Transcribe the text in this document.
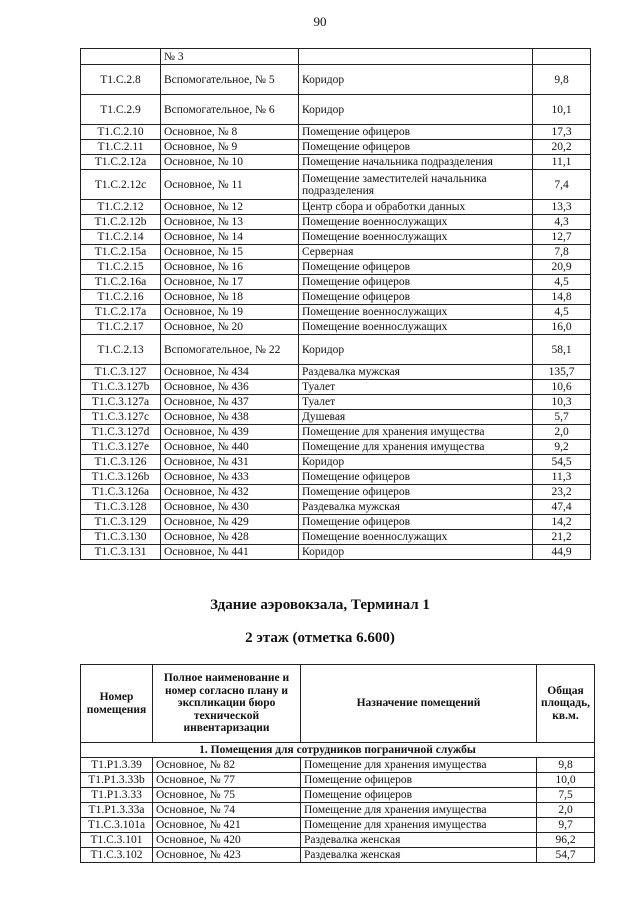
90
	№ 3		
Т1.С.2.8	Вспомогательное, № 5	Коридор	9,8
Т1.С.2.9	Вспомогательное, № 6	Коридор	10,1
Т1.С.2.10	Основное, № 8	Помещение офицеров	17,3
Т1.С.2.11	Основное, № 9	Помещение офицеров	20,2
Т1.С.2.12а	Основное, № 10	Помещение начальника подразделения	11,1
Т1.С.2.12с	Основное, № 11	Помещение заместителей начальника подразделения	7,4
Т1.С.2.12	Основное, № 12	Центр сбора и обработки данных	13,3
Т1.С.2.12b	Основное, № 13	Помещение военнослужащих	4,3
Т1.С.2.14	Основное, № 14	Помещение военнослужащих	12,7
Т1.С.2.15а	Основное, № 15	Серверная	7,8
Т1.С.2.15	Основное, № 16	Помещение офицеров	20,9
Т1.С.2.16а	Основное, № 17	Помещение офицеров	4,5
Т1.С.2.16	Основное, № 18	Помещение офицеров	14,8
Т1.С.2.17а	Основное, № 19	Помещение военнослужащих	4,5
Т1.С.2.17	Основное, № 20	Помещение военнослужащих	16,0
Т1.С.2.13	Вспомогательное, № 22	Коридор	58,1
Т1.С.3.127	Основное, № 434	Раздевалка мужская	135,7
Т1.С.3.127b	Основное, № 436	Туалет	10,6
Т1.С.3.127а	Основное, № 437	Туалет	10,3
Т1.С.3.127с	Основное, № 438	Душевая	5,7
Т1.С.3.127d	Основное, № 439	Помещение для хранения имущества	2,0
Т1.С.3.127е	Основное, № 440	Помещение для хранения имущества	9,2
Т1.С.3.126	Основное, № 431	Коридор	54,5
Т1.С.3.126b	Основное, № 433	Помещение офицеров	11,3
Т1.С.3.126а	Основное, № 432	Помещение офицеров	23,2
Т1.С.3.128	Основное, № 430	Раздевалка мужская	47,4
Т1.С.3.129	Основное, № 429	Помещение офицеров	14,2
Т1.С.3.130	Основное, № 428	Помещение военнослужащих	21,2
Т1.С.3.131	Основное, № 441	Коридор	44,9
Здание аэровокзала, Терминал 1
2 этаж (отметка 6.600)
Номер помещения	Полное наименование и номер согласно плану и экспликации бюро технической инвентаризации	Назначение помещений	Общая площадь, кв.м.
1. Помещения для сотрудников пограничной службы			
Т1.Р1.3.39	Основное, № 82	Помещение для хранения имущества	9,8
Т1.Р1.3.33b	Основное, № 77	Помещение офицеров	10,0
Т1.Р1.3.33	Основное, № 75	Помещение офицеров	7,5
Т1.Р1.3.33а	Основное, № 74	Помещение для хранения имущества	2,0
Т1.С.3.101а	Основное, № 421	Помещение для хранения имущества	9,7
Т1.С.3.101	Основное, № 420	Раздевалка женская	96,2
Т1.С.3.102	Основное, № 423	Раздевалка женская	54,7
